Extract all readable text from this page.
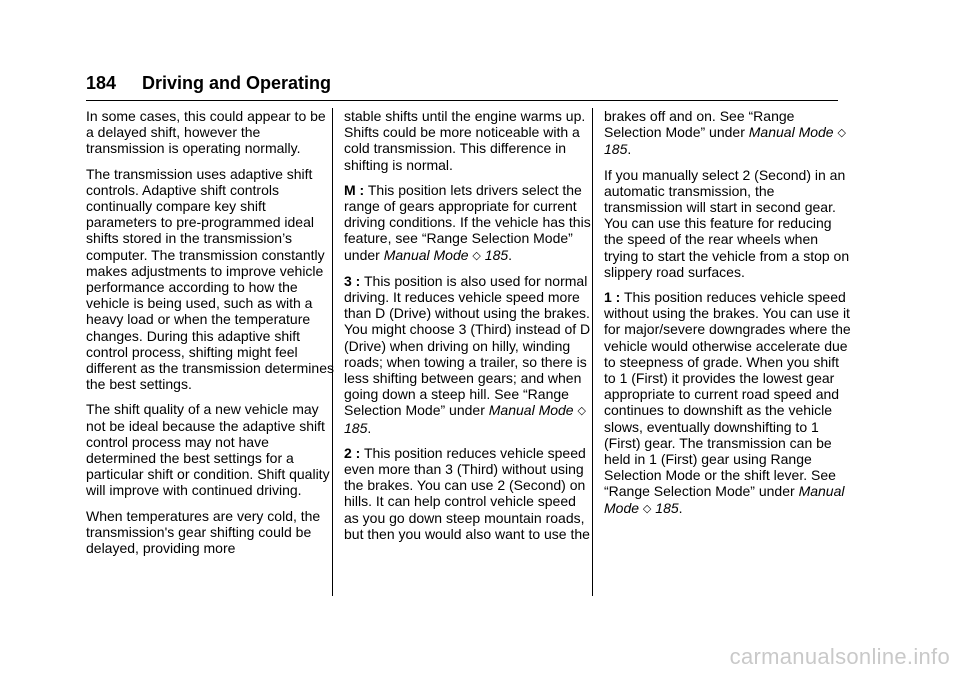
184 Driving and Operating

In some cases, this could appear to be a delayed shift, however the transmission is operating normally.

The transmission uses adaptive shift controls. Adaptive shift controls continually compare key shift parameters to pre-programmed ideal shifts stored in the transmission’s computer. The transmission constantly makes adjustments to improve vehicle performance according to how the vehicle is being used, such as with a heavy load or when the temperature changes. During this adaptive shift control process, shifting might feel different as the transmission determines the best settings.

The shift quality of a new vehicle may not be ideal because the adaptive shift control process may not have determined the best settings for a particular shift or condition. Shift quality will improve with continued driving.

When temperatures are very cold, the transmission's gear shifting could be delayed, providing more

stable shifts until the engine warms up. Shifts could be more noticeable with a cold transmission. This difference in shifting is normal.

M : This position lets drivers select the range of gears appropriate for current driving conditions. If the vehicle has this feature, see “Range Selection Mode” under Manual Mode ◇ 185.

3 : This position is also used for normal driving. It reduces vehicle speed more than D (Drive) without using the brakes. You might choose 3 (Third) instead of D (Drive) when driving on hilly, winding roads; when towing a trailer, so there is less shifting between gears; and when going down a steep hill. See “Range Selection Mode” under Manual Mode ◇ 185.

2 : This position reduces vehicle speed even more than 3 (Third) without using the brakes. You can use 2 (Second) on hills. It can help control vehicle speed as you go down steep mountain roads, but then you would also want to use the

brakes off and on. See “Range Selection Mode” under Manual Mode ◇ 185.

If you manually select 2 (Second) in an automatic transmission, the transmission will start in second gear. You can use this feature for reducing the speed of the rear wheels when trying to start the vehicle from a stop on slippery road surfaces.

1 : This position reduces vehicle speed without using the brakes. You can use it for major/severe downgrades where the vehicle would otherwise accelerate due to steepness of grade. When you shift to 1 (First) it provides the lowest gear appropriate to current road speed and continues to downshift as the vehicle slows, eventually downshifting to 1 (First) gear. The transmission can be held in 1 (First) gear using Range Selection Mode or the shift lever. See “Range Selection Mode” under Manual Mode ◇ 185.

carmanualsonline.info
